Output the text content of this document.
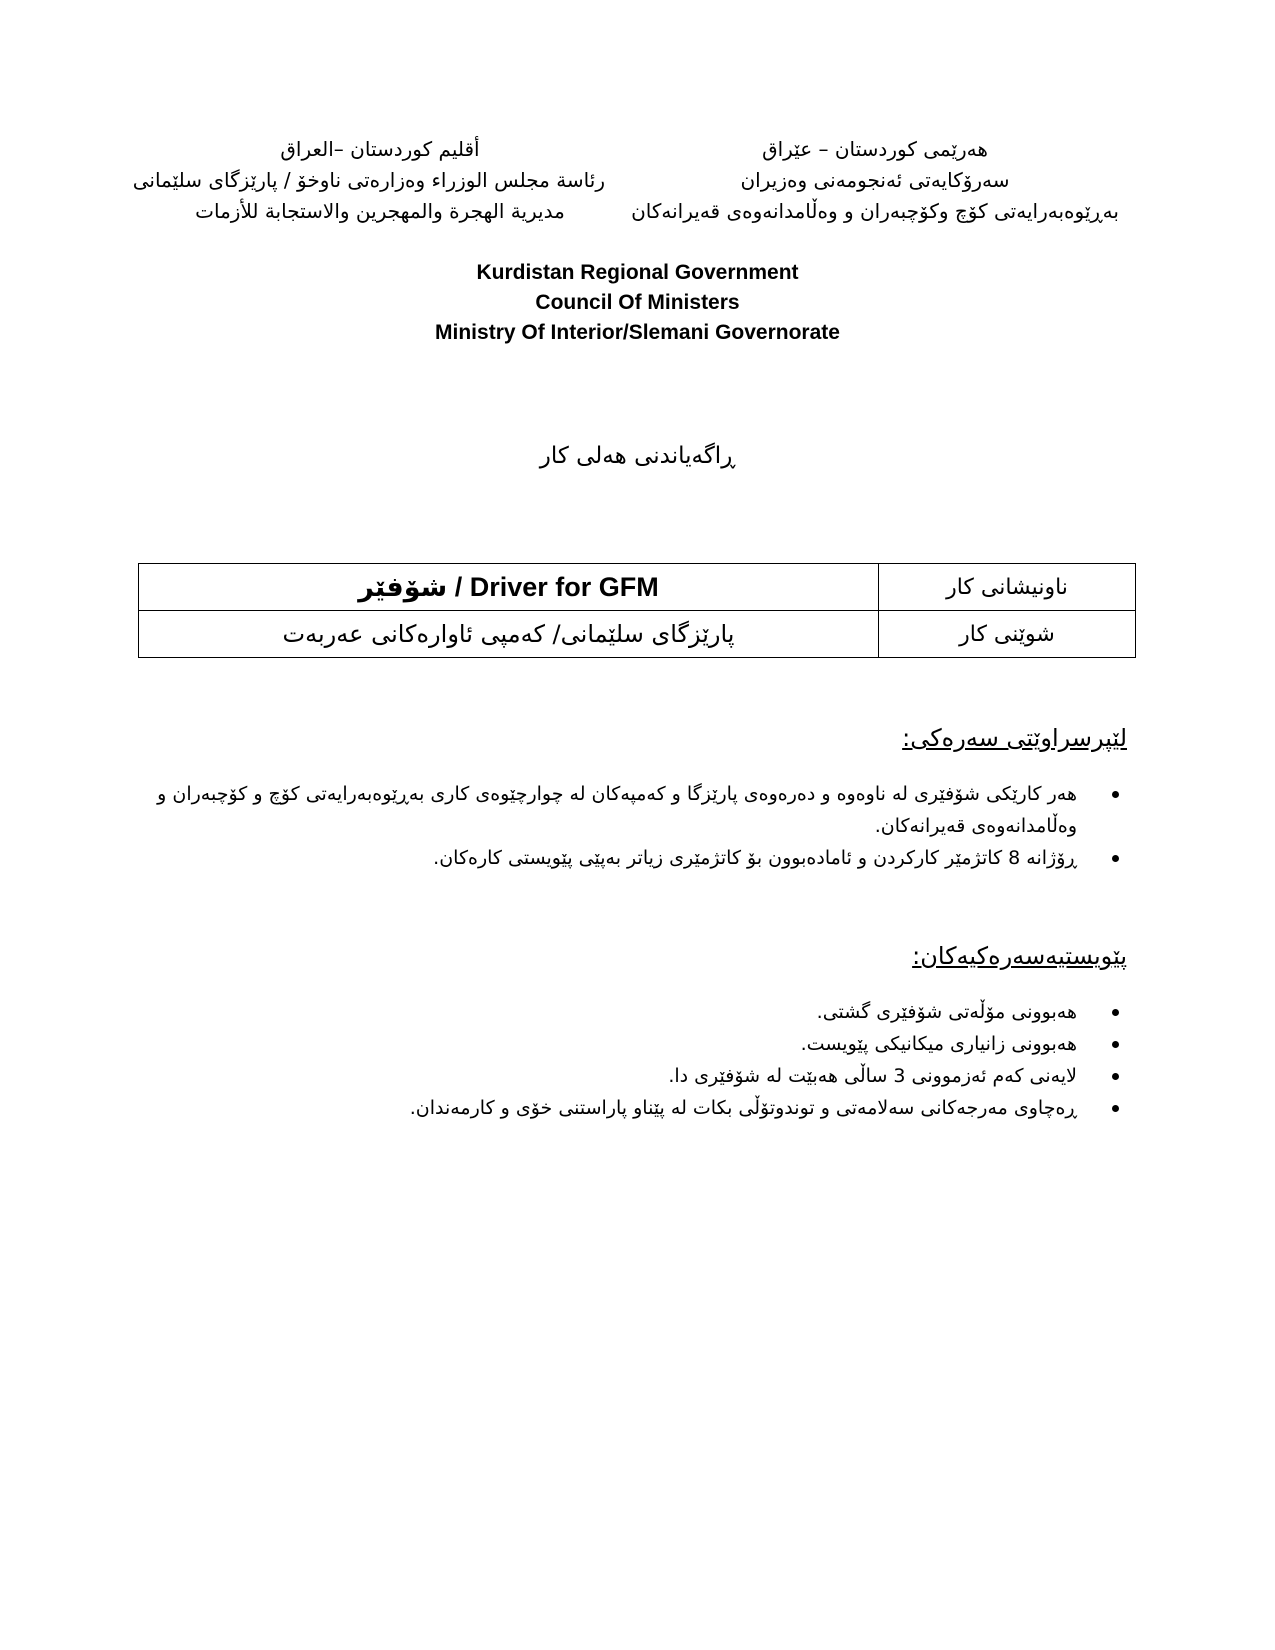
هەرێمی کوردستان – عێراق
سەرۆکایەتی ئەنجومەنی وەزیران
بەڕێوەبەرایەتی کۆچ وکۆچبەران و وەڵامدانەوەی قەیرانەکان
أقليم كوردستان –العراق
رئاسة مجلس الوزراء وەزارەتی ناوخۆ / پارێزگای سلێمانی
مديرية الهجرة والمهجرين والاستجابة للأزمات
Kurdistan Regional Government
Council Of Ministers
Ministry Of Interior/Slemani Governorate
ڕاگەیاندنی هەلی کار
ناونیشانی کار	Driver for GFM / شۆفێر
شوێنی کار	پارێزگای سلێمانی/ کەمپی ئاوارەکانی عەربەت
لێپرسراوێتی سەرەکی:
هەر کارێکی شۆفێری لە ناوەوە و دەرەوەی پارێزگا و کەمپەکان لە چوارچێوەی کاری بەڕێوەبەرایەتی کۆچ و کۆچبەران و وەڵامدانەوەی قەیرانەکان.
ڕۆژانە 8 کاتژمێر کارکردن و ئامادەبوون بۆ کاتژمێری زیاتر بەپێی پێویستی کارەکان.
پێویستیەسەرەکیەکان:
هەبوونی مۆڵەتی شۆفێری گشتی.
هەبوونی زانیاری میکانیکی پێویست.
لایەنی کەم ئەزموونی 3 ساڵی هەبێت لە شۆفێری دا.
ڕەچاوی مەرجەکانی سەلامەتی و توندوتۆڵی بکات لە پێناو پاراستنی خۆی و کارمەندان.
